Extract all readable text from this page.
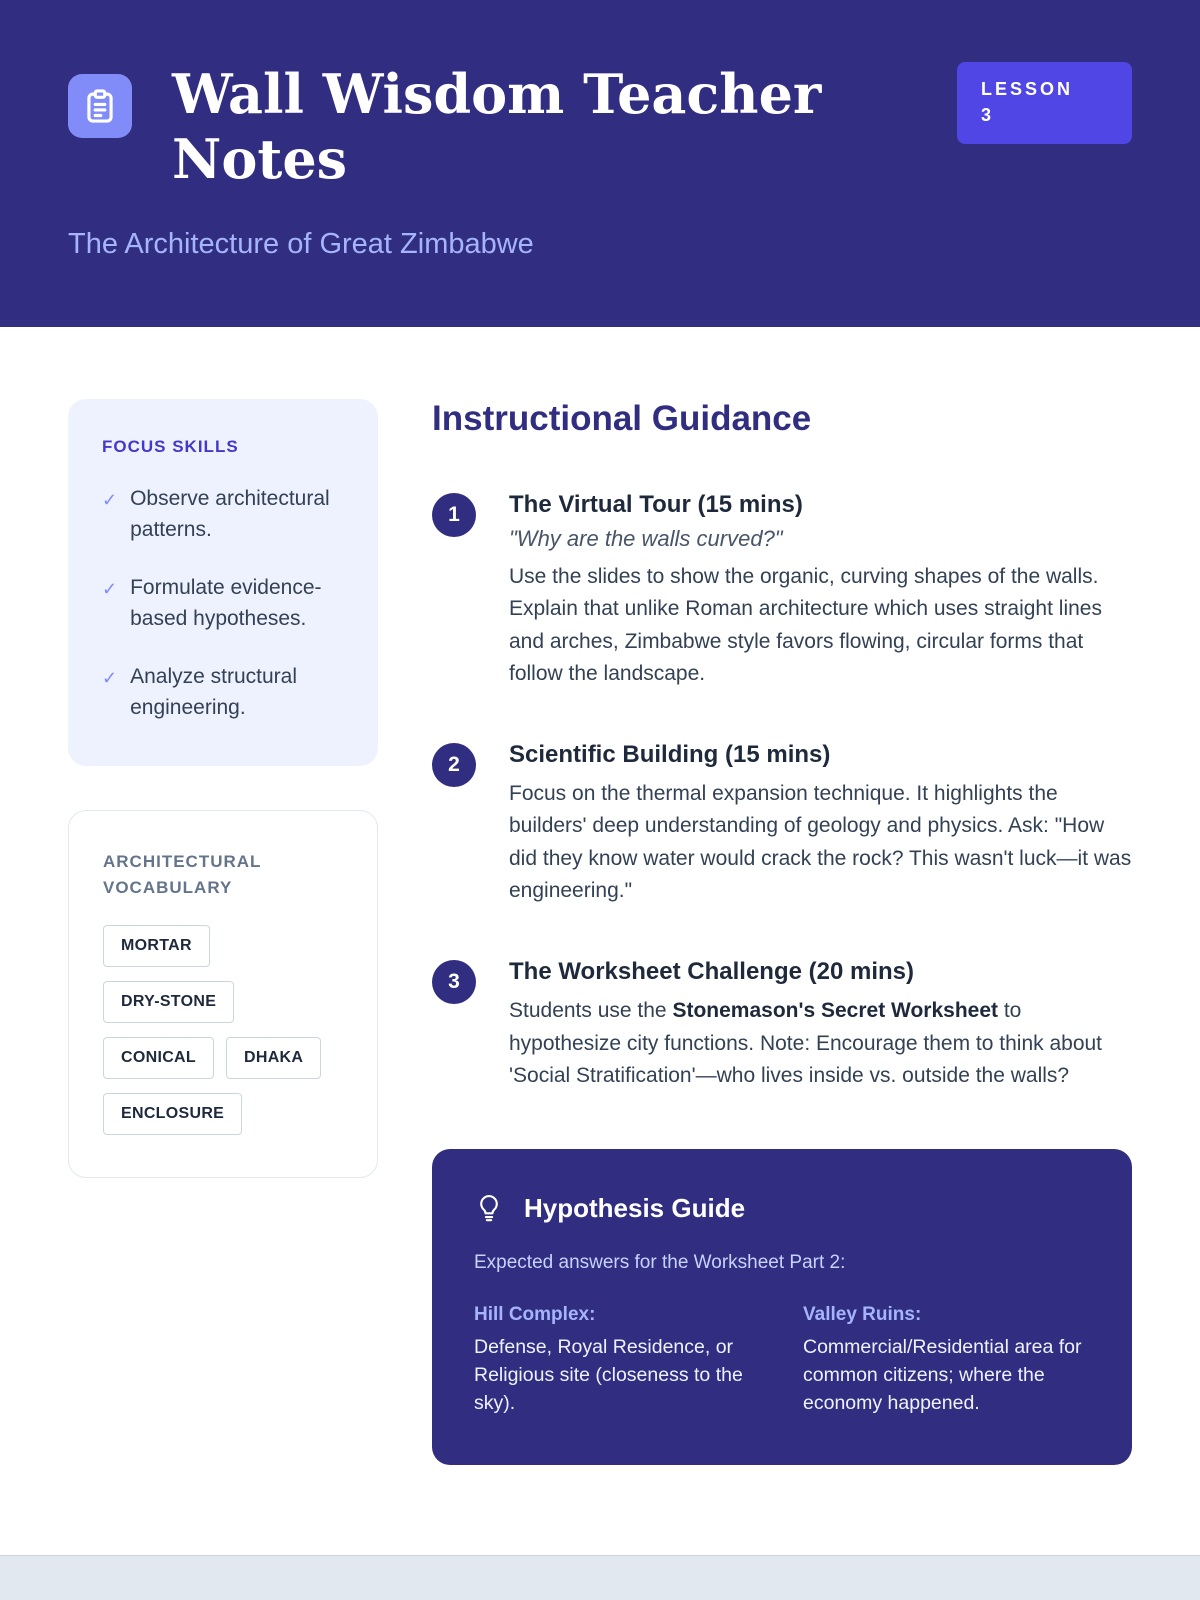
Wall Wisdom Teacher Notes
LESSON
3
The Architecture of Great Zimbabwe
FOCUS SKILLS
✓ Observe architectural patterns.
✓ Formulate evidence-based hypotheses.
✓ Analyze structural engineering.
ARCHITECTURAL VOCABULARY
MORTAR
DRY-STONE
CONICAL	DHAKA
ENCLOSURE
Instructional Guidance
1	The Virtual Tour (15 mins)
"Why are the walls curved?"
Use the slides to show the organic, curving shapes of the walls. Explain that unlike Roman architecture which uses straight lines and arches, Zimbabwe style favors flowing, circular forms that follow the landscape.
2	Scientific Building (15 mins)
Focus on the thermal expansion technique. It highlights the builders' deep understanding of geology and physics. Ask: "How did they know water would crack the rock? This wasn't luck—it was engineering."
3	The Worksheet Challenge (20 mins)
Students use the Stonemason's Secret Worksheet to hypothesize city functions. Note: Encourage them to think about 'Social Stratification'—who lives inside vs. outside the walls?
Hypothesis Guide
Expected answers for the Worksheet Part 2:
Hill Complex:
Defense, Royal Residence, or Religious site (closeness to the sky).
Valley Ruins:
Commercial/Residential area for common citizens; where the economy happened.
